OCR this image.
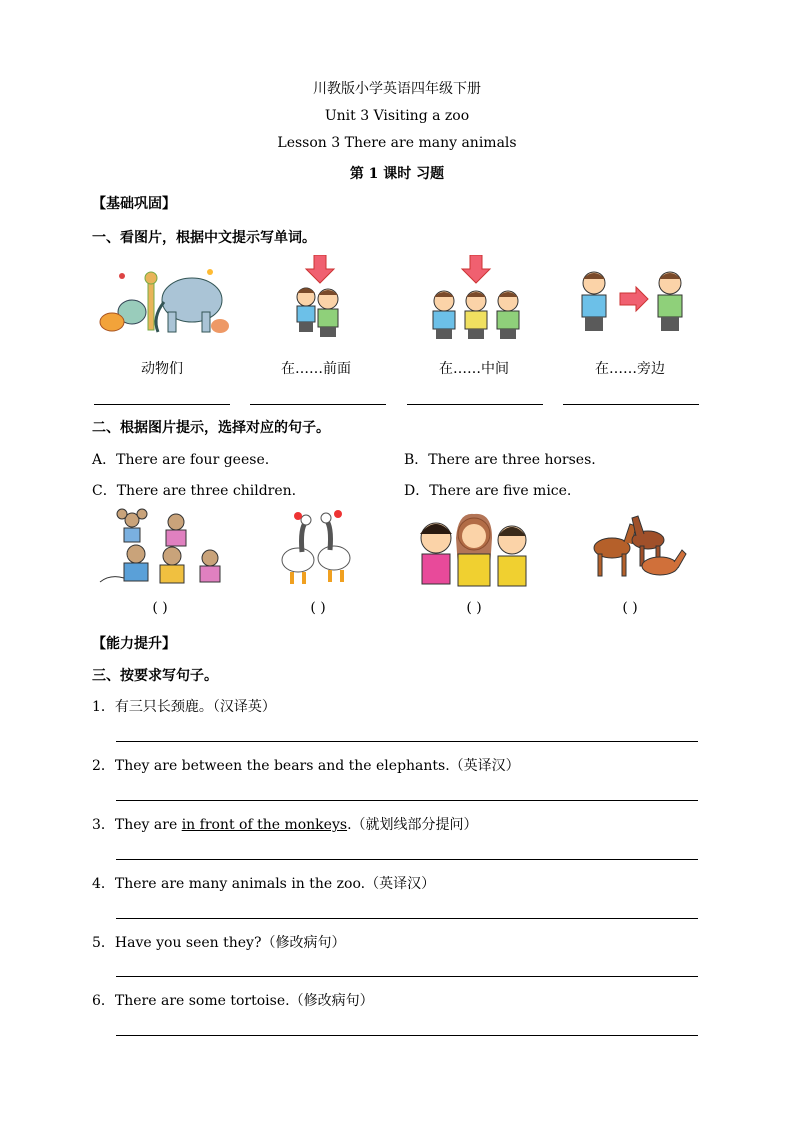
川教版小学英语四年级下册
Unit 3 Visiting a zoo
Lesson 3 There are many animals
第 1 课时 习题
【基础巩固】
一、看图片，根据中文提示写单词。
动物们	在……前面	在……中间	在……旁边
二、根据图片提示，选择对应的句子。
A．There are four geese.	B．There are three horses.
C．There are three children.	D．There are five mice.
( )	( )	( )	( )
【能力提升】
三、按要求写句子。
1．有三只长颈鹿。（汉译英）
2．They are between the bears and the elephants.（英译汉）
3．They are in front of the monkeys.（就划线部分提问）
4．There are many animals in the zoo.（英译汉）
5．Have you seen they?（修改病句）
6．There are some tortoise.（修改病句）
